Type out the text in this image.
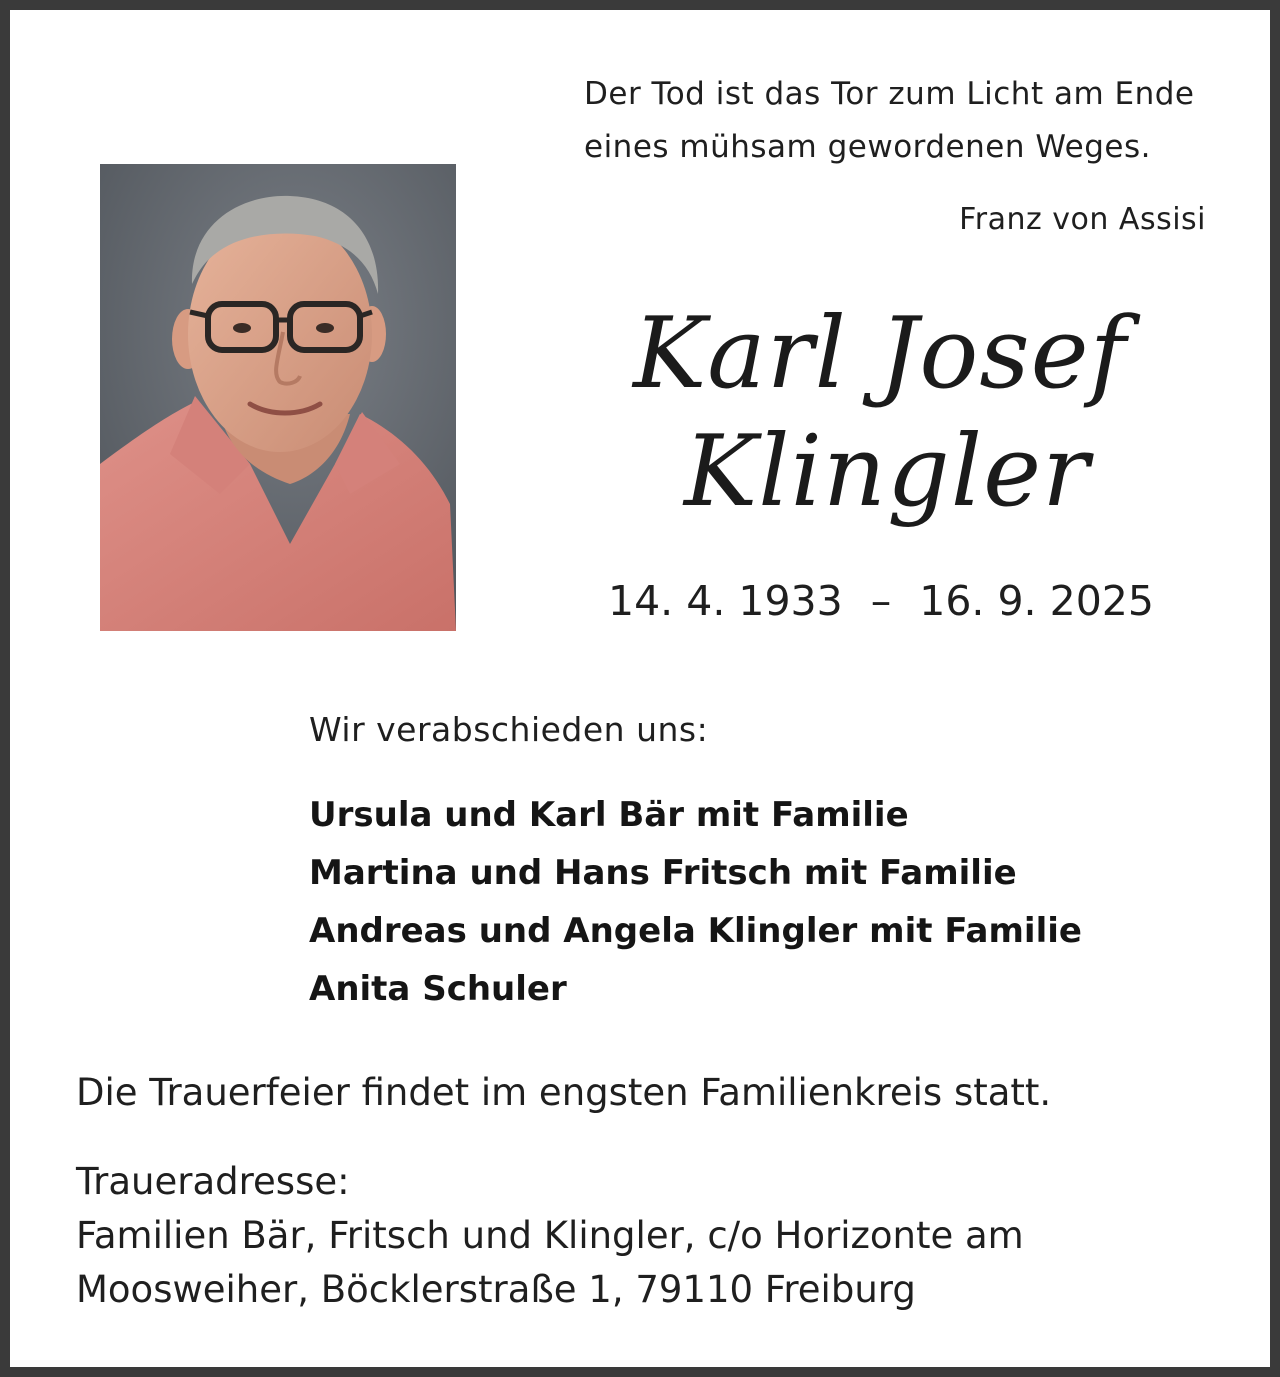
Der Tod ist das Tor zum Licht am Ende
eines mühsam gewordenen Weges.
Franz von Assisi
Karl Josef
Klingler
14. 4. 1933 – 16. 9. 2025
Wir verabschieden uns:
Ursula und Karl Bär mit Familie
Martina und Hans Fritsch mit Familie
Andreas und Angela Klingler mit Familie
Anita Schuler
Die Trauerfeier findet im engsten Familienkreis statt.
Traueradresse:
Familien Bär, Fritsch und Klingler, c/o Horizonte am
Moosweiher, Böcklerstraße 1, 79110 Freiburg
